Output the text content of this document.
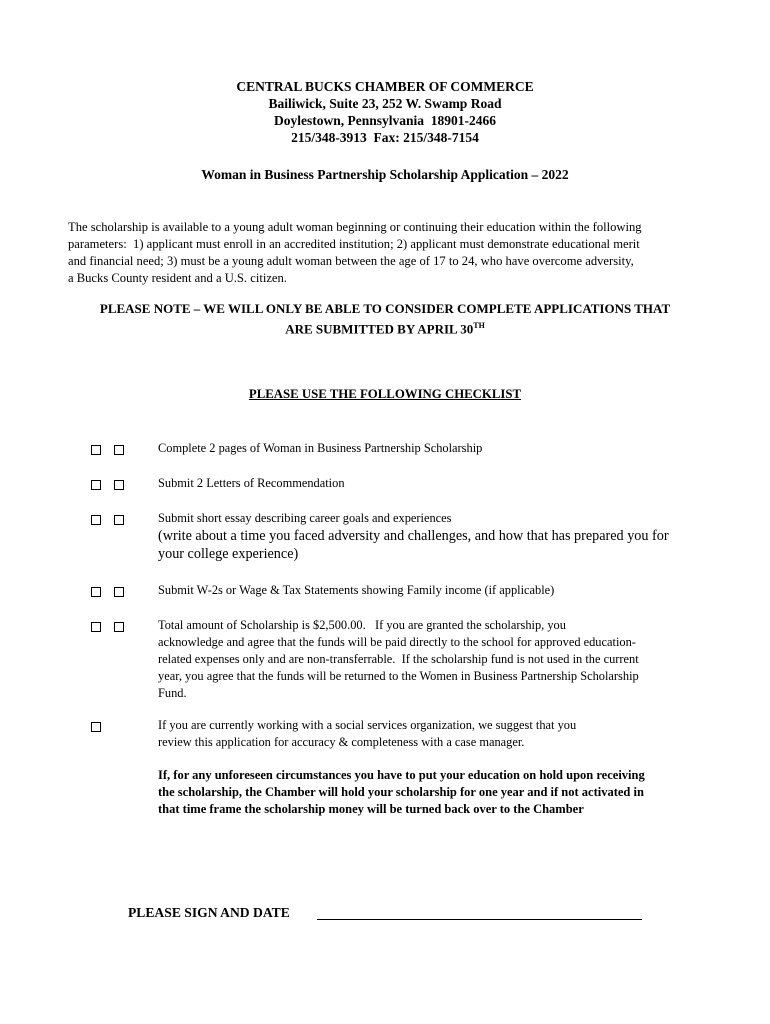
CENTRAL BUCKS CHAMBER OF COMMERCE
Bailiwick, Suite 23, 252 W. Swamp Road
Doylestown, Pennsylvania  18901-2466
215/348-3913  Fax: 215/348-7154
Woman in Business Partnership Scholarship Application – 2022
The scholarship is available to a young adult woman beginning or continuing their education within the following
parameters:  1) applicant must enroll in an accredited institution; 2) applicant must demonstrate educational merit
and financial need; 3) must be a young adult woman between the age of 17 to 24, who have overcome adversity,
a Bucks County resident and a U.S. citizen.
PLEASE NOTE – WE WILL ONLY BE ABLE TO CONSIDER COMPLETE APPLICATIONS THAT
ARE SUBMITTED BY APRIL 30TH
PLEASE USE THE FOLLOWING CHECKLIST
Complete 2 pages of Woman in Business Partnership Scholarship
Submit 2 Letters of Recommendation
Submit short essay describing career goals and experiences
(write about a time you faced adversity and challenges, and how that has prepared you for
your college experience)
Submit W-2s or Wage & Tax Statements showing Family income (if applicable)
Total amount of Scholarship is $2,500.00.   If you are granted the scholarship, you
acknowledge and agree that the funds will be paid directly to the school for approved education-
related expenses only and are non-transferrable.  If the scholarship fund is not used in the current
year, you agree that the funds will be returned to the Women in Business Partnership Scholarship
Fund.
If you are currently working with a social services organization, we suggest that you
review this application for accuracy & completeness with a case manager.
If, for any unforeseen circumstances you have to put your education on hold upon receiving
the scholarship, the Chamber will hold your scholarship for one year and if not activated in
that time frame the scholarship money will be turned back over to the Chamber
PLEASE SIGN AND DATE
